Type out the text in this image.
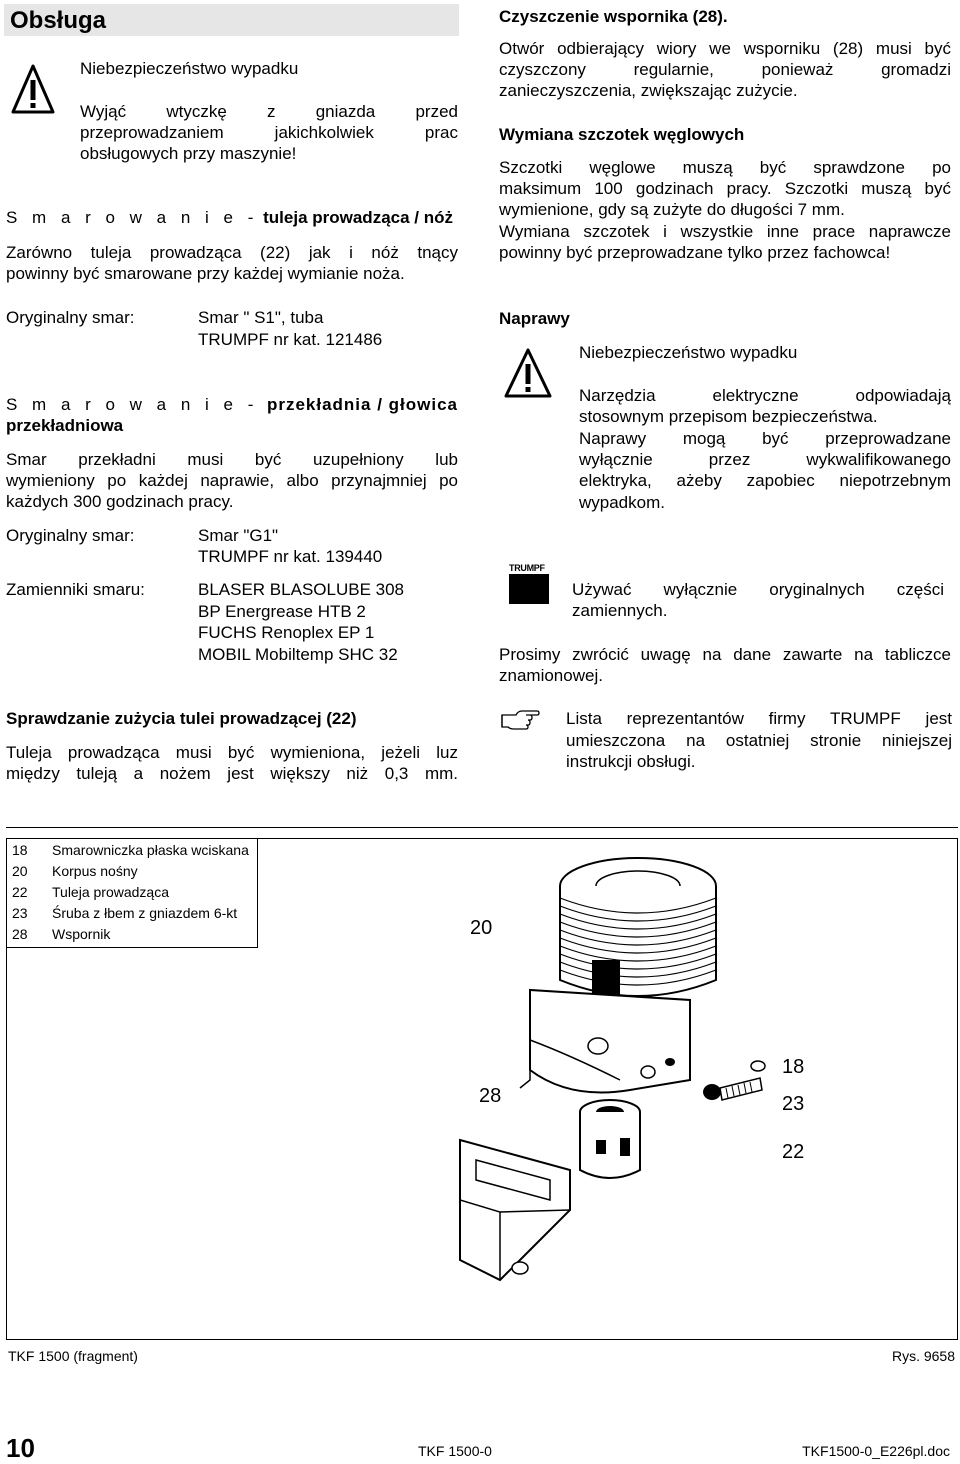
Obsługa
Niebezpieczeństwo wypadku
Wyjąć wtyczkę z gniazda przed
przeprowadzaniem jakichkolwiek prac
obsługowych przy maszynie!
S m a r o w a n i e - tuleja prowadząca / nóż
Zarówno tuleja prowadząca (22) jak i nóż tnący
powinny być smarowane przy każdej wymianie noża.
Oryginalny smar:	Smar " S1", tuba
TRUMPF nr kat. 121486
S m a r o w a n i e - przekładnia / głowica
przekładniowa
Smar przekładni musi być uzupełniony lub
wymieniony po każdej naprawie, albo przynajmniej po
każdych 300 godzinach pracy.
Oryginalny smar:	Smar "G1"
TRUMPF nr kat. 139440
Zamienniki smaru:	BLASER BLASOLUBE 308
BP Energrease HTB 2
FUCHS Renoplex EP 1
MOBIL Mobiltemp SHC 32
Sprawdzanie zużycia tulei prowadzącej (22)
Tuleja prowadząca musi być wymieniona, jeżeli luz
między tuleją a nożem jest większy niż 0,3 mm.
Czyszczenie wspornika (28).
Otwór odbierający wiory we wsporniku (28) musi być
czyszczony regularnie, ponieważ gromadzi
zanieczyszczenia, zwiększając zużycie.
Wymiana szczotek węglowych
Szczotki węglowe muszą być sprawdzone po
maksimum 100 godzinach pracy. Szczotki muszą być
wymienione, gdy są zużyte do długości 7 mm.
Wymiana szczotek i wszystkie inne prace naprawcze
powinny być przeprowadzane tylko przez fachowca!
Naprawy
Niebezpieczeństwo wypadku
Narzędzia elektryczne odpowiadają
stosownym przepisom bezpieczeństwa.
Naprawy mogą być przeprowadzane
wyłącznie przez wykwalifikowanego
elektryka, ażeby zapobiec niepotrzebnym
wypadkom.
TRUMPF
Używać wyłącznie oryginalnych części
zamiennych.
Prosimy zwrócić uwagę na dane zawarte na tabliczce
znamionowej.
Lista reprezentantów firmy TRUMPF jest
umieszczona na ostatniej stronie niniejszej
instrukcji obsługi.
18 Smarowniczka płaska wciskana
20 Korpus nośny
22 Tuleja prowadząca
23 Śruba z łbem z gniazdem 6-kt
28 Wspornik	20
18
28	23
22
TKF 1500 (fragment)	Rys. 9658
10	TKF 1500-0	TKF1500-0_E226pl.doc
